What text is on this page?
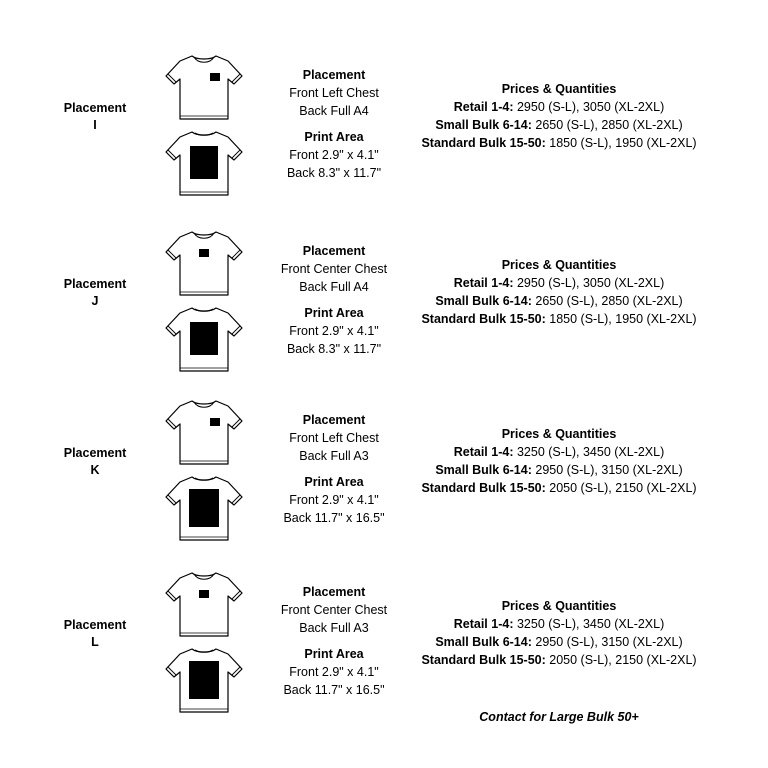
Placement
I
Placement
Front Left Chest
Back Full A4
Print Area
Front 2.9" x 4.1"
Back 8.3" x 11.7"
Prices & Quantities
Retail 1-4: 2950 (S-L), 3050 (XL-2XL)
Small Bulk 6-14: 2650 (S-L), 2850 (XL-2XL)
Standard Bulk 15-50: 1850 (S-L), 1950 (XL-2XL)
Placement
J
Placement
Front Center Chest
Back Full A4
Print Area
Front 2.9" x 4.1"
Back 8.3" x 11.7"
Prices & Quantities
Retail 1-4: 2950 (S-L), 3050 (XL-2XL)
Small Bulk 6-14: 2650 (S-L), 2850 (XL-2XL)
Standard Bulk 15-50: 1850 (S-L), 1950 (XL-2XL)
Placement
K
Placement
Front Left Chest
Back Full A3
Print Area
Front 2.9" x 4.1"
Back 11.7" x 16.5"
Prices & Quantities
Retail 1-4: 3250 (S-L), 3450 (XL-2XL)
Small Bulk 6-14: 2950 (S-L), 3150 (XL-2XL)
Standard Bulk 15-50: 2050 (S-L), 2150 (XL-2XL)
Placement
L
Placement
Front Center Chest
Back Full A3
Print Area
Front 2.9" x 4.1"
Back 11.7" x 16.5"
Prices & Quantities
Retail 1-4: 3250 (S-L), 3450 (XL-2XL)
Small Bulk 6-14: 2950 (S-L), 3150 (XL-2XL)
Standard Bulk 15-50: 2050 (S-L), 2150 (XL-2XL)
Contact for Large Bulk 50+
